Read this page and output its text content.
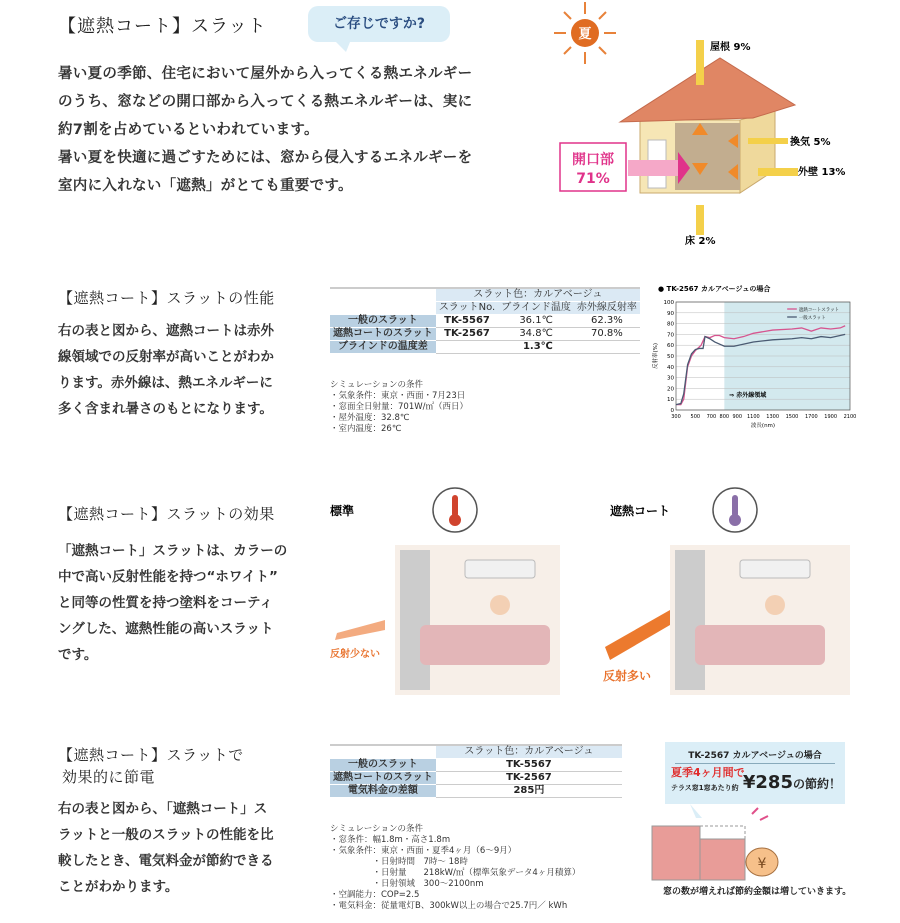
【遮熱コート】スラット	ご存じですか?
暑い夏の季節、住宅において屋外から入ってくる熱エネルギー
のうち、窓などの開口部から入ってくる熱エネルギーは、実に
約7割を占めているといわれています。
暑い夏を快適に過ごすためには、窓から侵入するエネルギーを
室内に入れない「遮熱」がとても重要です。
夏
開口部
71%
屋根 9%
換気 5%
外壁 13%
床 2%
【遮熱コート】スラットの性能
右の表と図から、遮熱コートは赤外
線領域での反射率が高いことがわか
ります。赤外線は、熱エネルギーに
多く含まれ暑さのもとになります。
	スラット色：カルアベージュ		
	スラットNo.	ブラインド温度	赤外線反射率
一般のスラット	TK-5567	36.1℃	62.3%
遮熱コートのスラット	TK-2567	34.8℃	70.8%
ブラインドの温度差	1.3℃		

シミュレーションの条件
・気象条件：東京・西面・7月23日
・窓面全日射量：701W/㎡（西日）
・屋外温度：32.8℃
・室内温度：26℃

● TK-2567 カルアベージュの場合
0
10
20
30
40
50
60
70
80
90
100
300 500 700 800 900 1100 1300 1500 1700 1900 2100
波長(nm)
反射率(%)
⇒ 赤外線領域
遮熱コートスラット
一般スラット
【遮熱コート】スラットの効果
「遮熱コート」スラットは、カラーの
中で高い反射性能を持つ“ホワイト”
と同等の性質を持つ塗料をコーティ
ングした、遮熱性能の高いスラット
です。
標準
反射少ない
遮熱コート
反射多い
【遮熱コート】スラットで
効果的に節電
右の表と図から、「遮熱コート」ス
ラットと一般のスラットの性能を比
較したとき、電気料金が節約できる
ことがわかります。
	スラット色：カルアベージュ
一般のスラット	TK-5567
遮熱コートのスラット	TK-2567
電気料金の差額	285円

シミュレーションの条件
・窓条件：幅1.8m・高さ1.8m
・気象条件：東京・西面・夏季4ヶ月（6～9月）
　　　　　・日射時間　7時～ 18時
　　　　　・日射量　　218kW/㎡（標準気象データ4ヶ月積算）
　　　　　・日射領域　300～2100nm
・空調能力：COP=2.5
・電気料金：従量電灯B、300kW以上の場合で25.7円／ kWh

TK-2567 カルアベージュの場合
夏季4ヶ月間で
テラス窓1窓あたり約 ¥285の節約！
¥
窓の数が増えれば節約金額は増していきます。
